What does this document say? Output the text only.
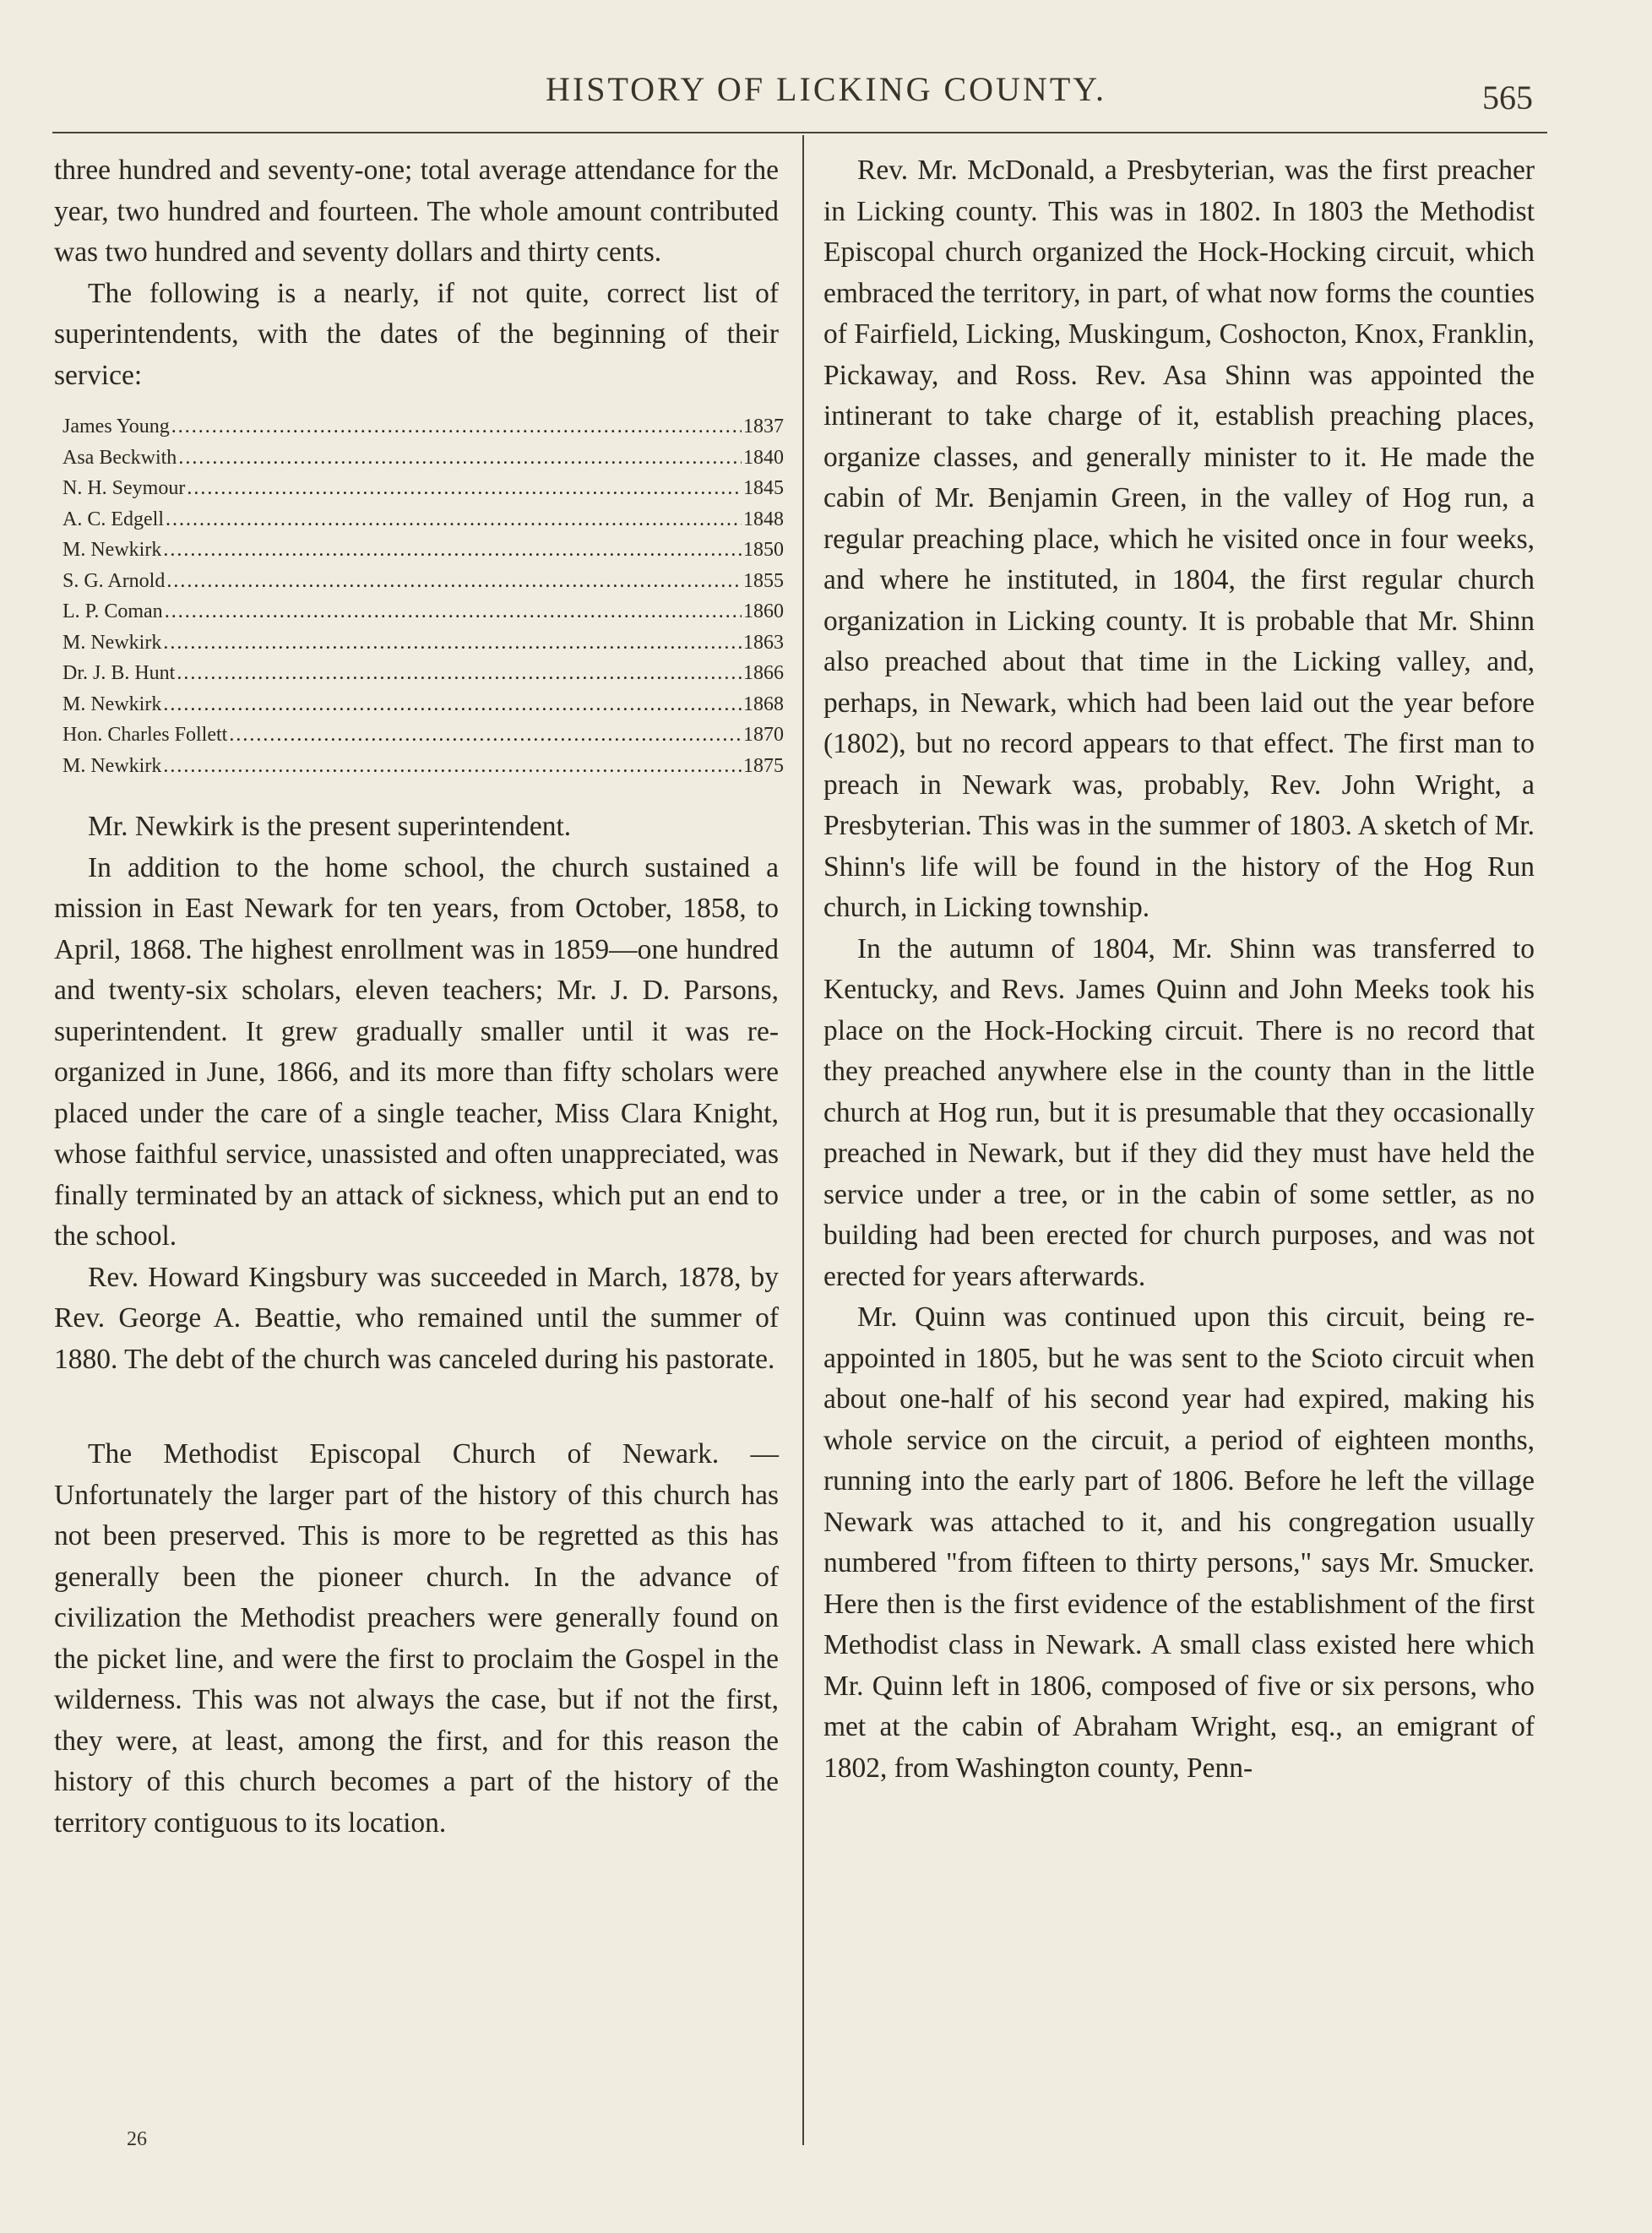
HISTORY OF LICKING COUNTY.	565

three hundred and seventy-one; total average attendance for the year, two hundred and fourteen. The whole amount contributed was two hundred and seventy dollars and thirty cents.

The following is a nearly, if not quite, correct list of superintendents, with the dates of the beginning of their service:

James Young . . .	1837
Asa Beckwith . . .	1840
N. H. Seymour . . .	1845
A. C. Edgell . . .	1848
M. Newkirk . . .	1850
S. G. Arnold . . .	1855
L. P. Coman . . .	1860
M. Newkirk . . .	1863
Dr. J. B. Hunt . . .	1866
M. Newkirk . . .	1868
Hon. Charles Follett . . .	1870
M. Newkirk . . .	1875

Mr. Newkirk is the present superintendent.

In addition to the home school, the church sustained a mission in East Newark for ten years, from October, 1858, to April, 1868. The highest enrollment was in 1859—one hundred and twenty-six scholars, eleven teachers; Mr. J. D. Parsons, superintendent. It grew gradually smaller until it was re-organized in June, 1866, and its more than fifty scholars were placed under the care of a single teacher, Miss Clara Knight, whose faithful service, unassisted and often unappreciated, was finally terminated by an attack of sickness, which put an end to the school.

Rev. Howard Kingsbury was succeeded in March, 1878, by Rev. George A. Beattie, who remained until the summer of 1880. The debt of the church was canceled during his pastorate.

The Methodist Episcopal Church of Newark. —Unfortunately the larger part of the history of this church has not been preserved. This is more to be regretted as this has generally been the pioneer church. In the advance of civilization the Methodist preachers were generally found on the picket line, and were the first to proclaim the Gospel in the wilderness. This was not always the case, but if not the first, they were, at least, among the first, and for this reason the history of this church becomes a part of the history of the territory contiguous to its location.

Rev. Mr. McDonald, a Presbyterian, was the first preacher in Licking county. This was in 1802. In 1803 the Methodist Episcopal church organized the Hock-Hocking circuit, which embraced the territory, in part, of what now forms the counties of Fairfield, Licking, Muskingum, Coshocton, Knox, Franklin, Pickaway, and Ross. Rev. Asa Shinn was appointed the intinerant to take charge of it, establish preaching places, organize classes, and generally minister to it. He made the cabin of Mr. Benjamin Green, in the valley of Hog run, a regular preaching place, which he visited once in four weeks, and where he instituted, in 1804, the first regular church organization in Licking county. It is probable that Mr. Shinn also preached about that time in the Licking valley, and, perhaps, in Newark, which had been laid out the year before (1802), but no record appears to that effect. The first man to preach in Newark was, probably, Rev. John Wright, a Presbyterian. This was in the summer of 1803. A sketch of Mr. Shinn's life will be found in the history of the Hog Run church, in Licking township.

In the autumn of 1804, Mr. Shinn was transferred to Kentucky, and Revs. James Quinn and John Meeks took his place on the Hock-Hocking circuit. There is no record that they preached anywhere else in the county than in the little church at Hog run, but it is presumable that they occasionally preached in Newark, but if they did they must have held the service under a tree, or in the cabin of some settler, as no building had been erected for church purposes, and was not erected for years afterwards.

Mr. Quinn was continued upon this circuit, being re-appointed in 1805, but he was sent to the Scioto circuit when about one-half of his second year had expired, making his whole service on the circuit, a period of eighteen months, running into the early part of 1806. Before he left the village Newark was attached to it, and his congregation usually numbered "from fifteen to thirty persons," says Mr. Smucker. Here then is the first evidence of the establishment of the first Methodist class in Newark. A small class existed here which Mr. Quinn left in 1806, composed of five or six persons, who met at the cabin of Abraham Wright, esq., an emigrant of 1802, from Washington county, Penn-

26
